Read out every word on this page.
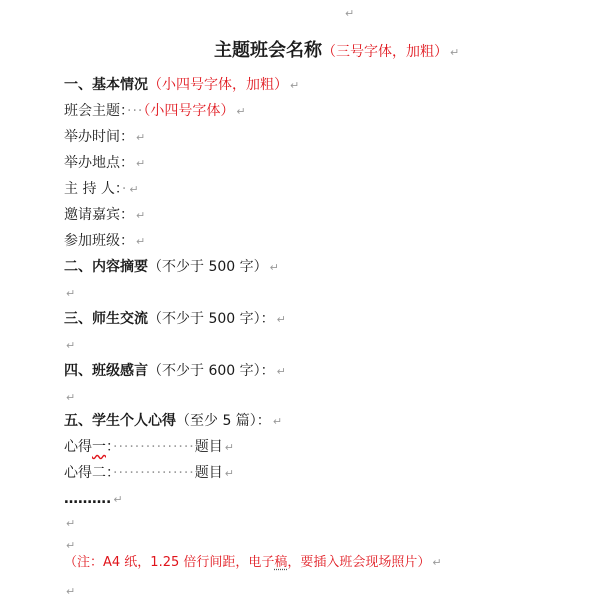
↵
主题班会名称（三号字体，加粗） ↵
一、基本情况（小四号字体，加粗） ↵
班会主题：···（小四号字体） ↵
举办时间： ↵
举办地点： ↵
主 持 人：· ↵
邀请嘉宾： ↵
参加班级： ↵
二、内容摘要（不少于 500 字） ↵
↵
三、师生交流（不少于 500 字）： ↵
↵
四、班级感言（不少于 600 字）： ↵
↵
五、学生个人心得（至少 5 篇）： ↵
心得一：···············题目 ↵
心得二：···············题目 ↵
………. ↵
↵
↵
（注：A4 纸，1.25 倍行间距，电子稿，要插入班会现场照片） ↵
↵
